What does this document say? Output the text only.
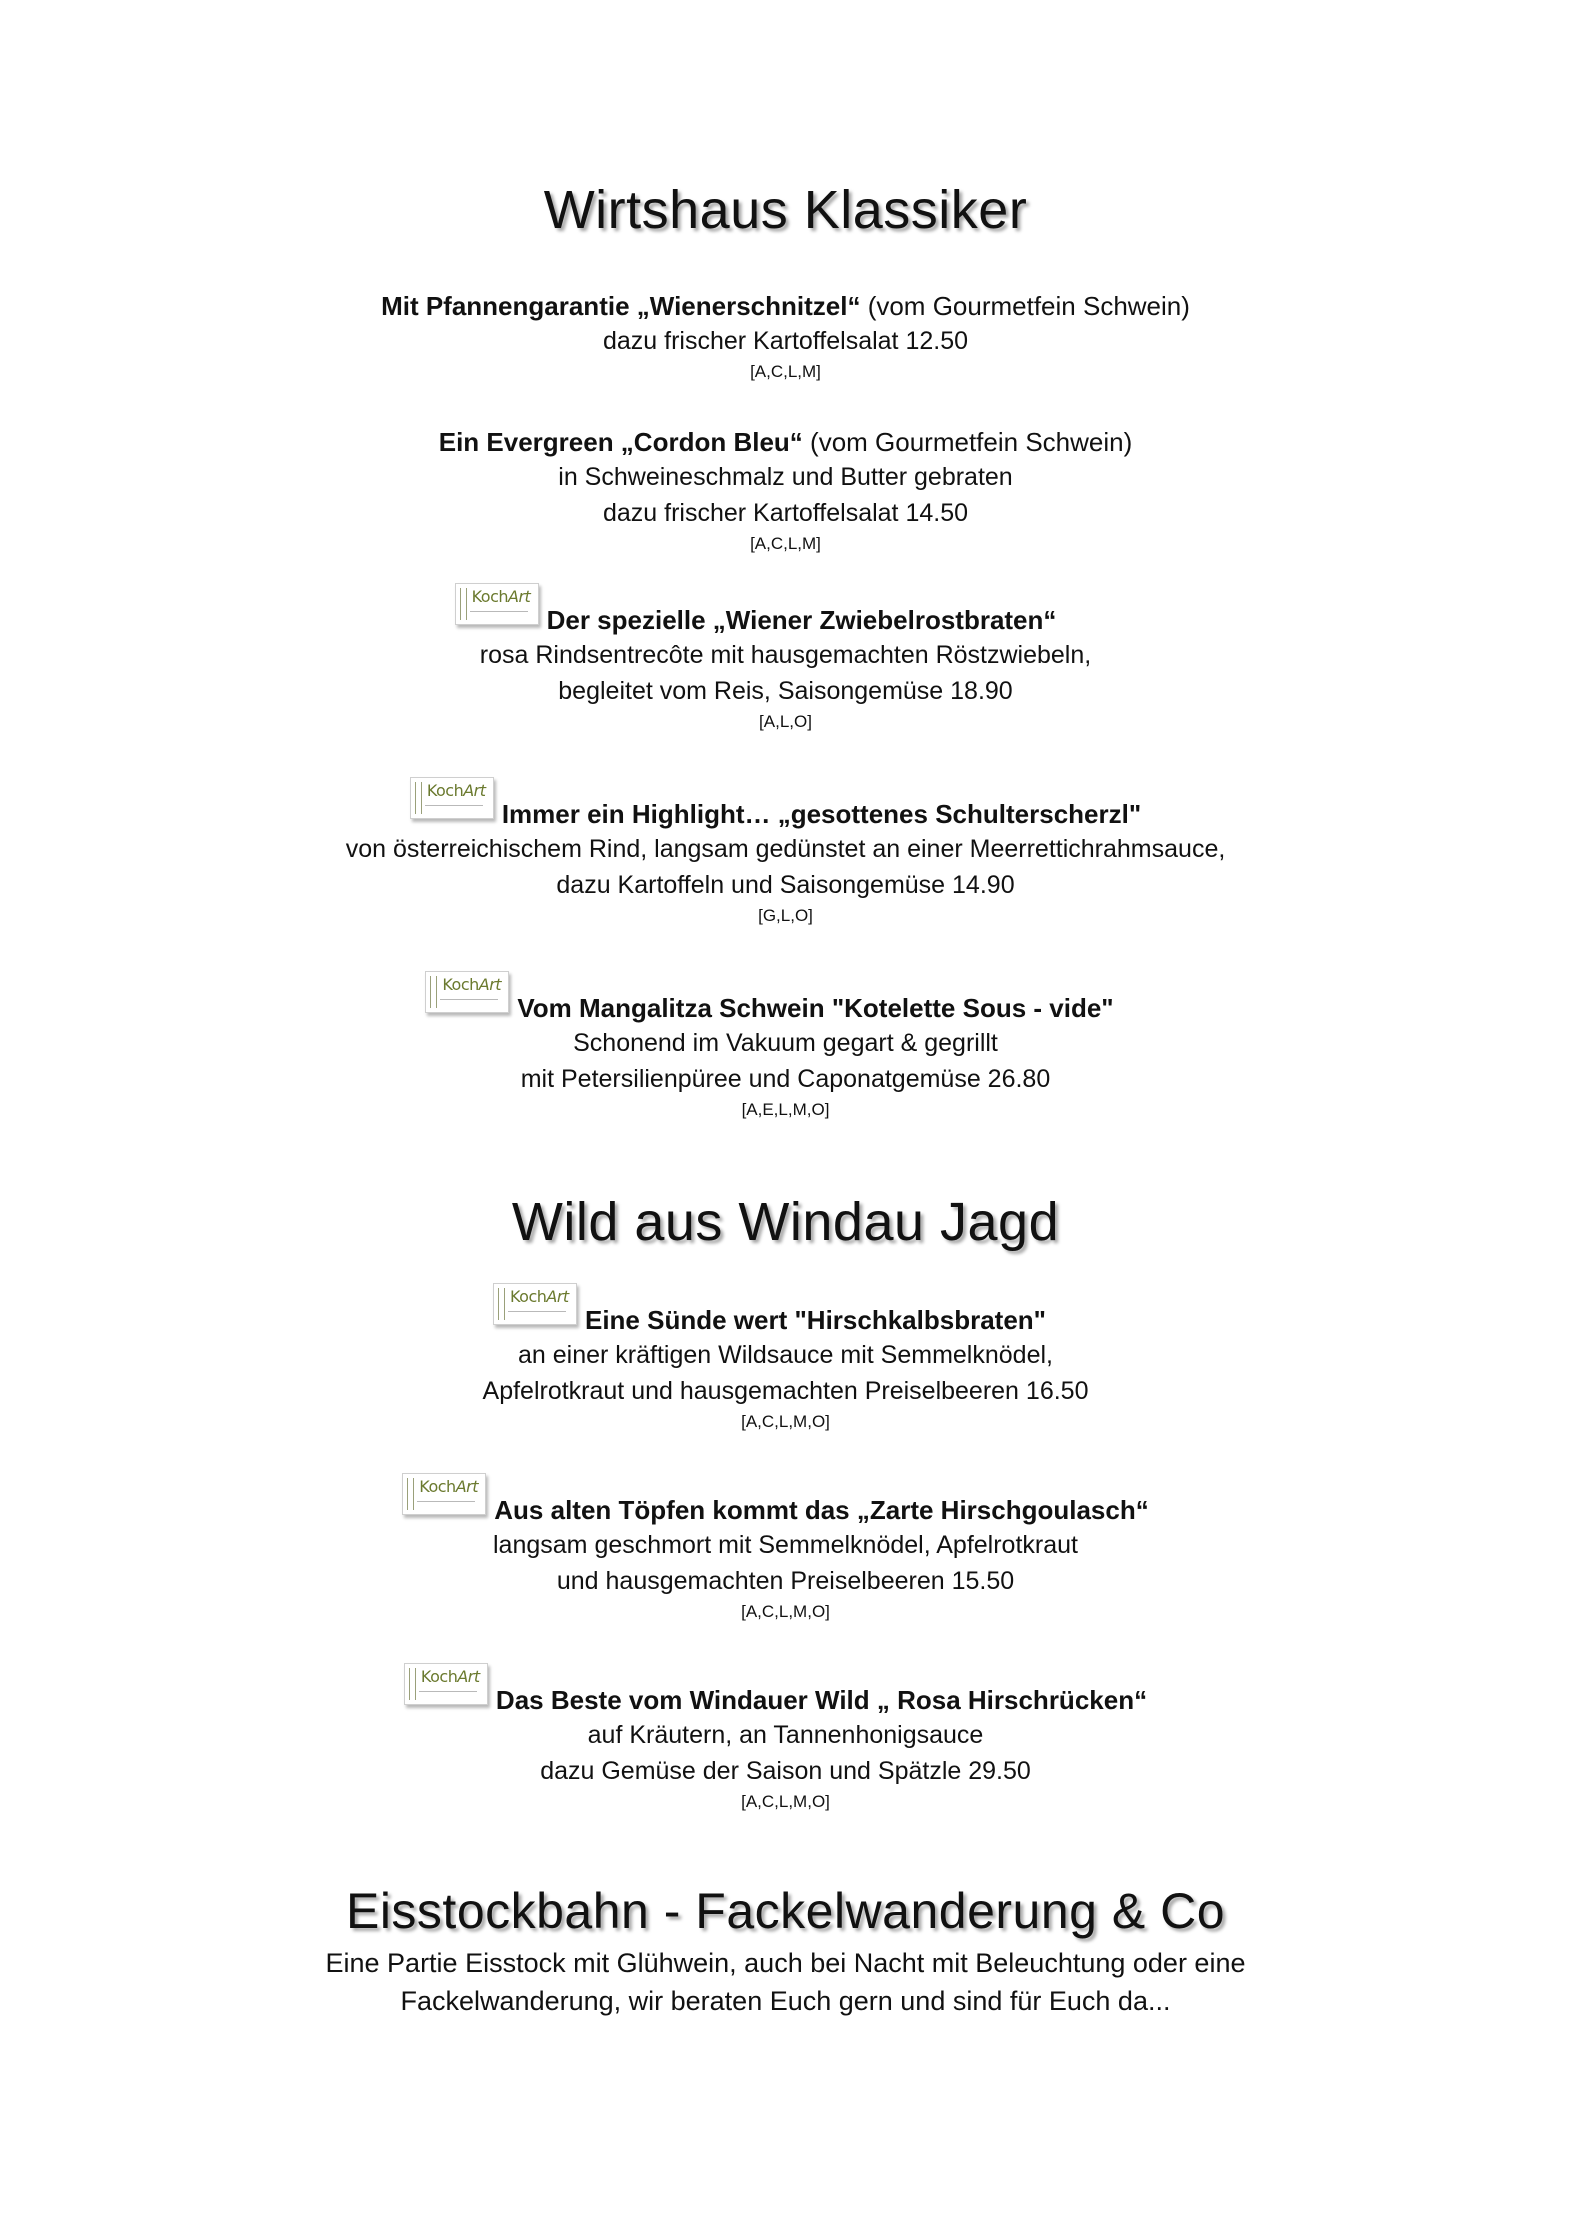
Wirtshaus Klassiker
Mit Pfannengarantie „Wienerschnitzel“ (vom Gourmetfein Schwein)
dazu frischer Kartoffelsalat 12.50
[A,C,L,M]
Ein Evergreen „Cordon Bleu“ (vom Gourmetfein Schwein)
in Schweineschmalz und Butter gebraten
dazu frischer Kartoffelsalat 14.50
[A,C,L,M]
KochArt
Der spezielle „Wiener Zwiebelrostbraten“
rosa Rindsentrecôte mit hausgemachten Röstzwiebeln,
begleitet vom Reis, Saisongemüse 18.90
[A,L,O]
KochArt
Immer ein Highlight… „gesottenes Schulterscherzl"
von österreichischem Rind, langsam gedünstet an einer Meerrettichrahmsauce,
dazu Kartoffeln und Saisongemüse 14.90
[G,L,O]
KochArt
Vom Mangalitza Schwein "Kotelette Sous - vide"
Schonend im Vakuum gegart & gegrillt
mit Petersilienpüree und Caponatgemüse 26.80
[A,E,L,M,O]
Wild aus Windau Jagd
KochArt
Eine Sünde wert "Hirschkalbsbraten"
an einer kräftigen Wildsauce mit Semmelknödel,
Apfelrotkraut und hausgemachten Preiselbeeren 16.50
[A,C,L,M,O]
KochArt
Aus alten Töpfen kommt das „Zarte Hirschgoulasch“
langsam geschmort mit Semmelknödel, Apfelrotkraut
und hausgemachten Preiselbeeren 15.50
[A,C,L,M,O]
KochArt
Das Beste vom Windauer Wild „ Rosa Hirschrücken“
auf Kräutern, an Tannenhonigsauce
dazu Gemüse der Saison und Spätzle 29.50
[A,C,L,M,O]
Eisstockbahn - Fackelwanderung & Co
Eine Partie Eisstock mit Glühwein, auch bei Nacht mit Beleuchtung oder eine
Fackelwanderung, wir beraten Euch gern und sind für Euch da...
